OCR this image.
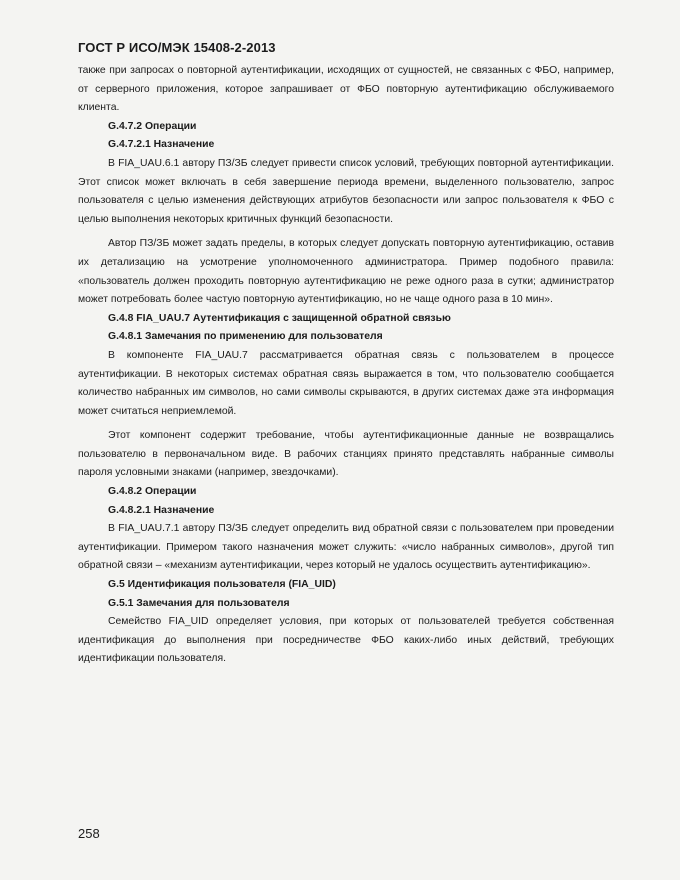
ГОСТ Р ИСО/МЭК 15408-2-2013

также при запросах о повторной аутентификации, исходящих от сущностей, не связанных с ФБО, например, от серверного приложения, которое запрашивает от ФБО повторную аутентификацию обслуживаемого клиента.

G.4.7.2 Операции

G.4.7.2.1 Назначение

В FIA_UAU.6.1 автору ПЗ/ЗБ следует привести список условий, требующих повторной аутентификации. Этот список может включать в себя завершение периода времени, выделенного пользователю, запрос пользователя с целью изменения действующих атрибутов безопасности или запрос пользователя к ФБО с целью выполнения некоторых критичных функций безопасности.

Автор ПЗ/ЗБ может задать пределы, в которых следует допускать повторную аутентификацию, оставив их детализацию на усмотрение уполномоченного администратора. Пример подобного правила: «пользователь должен проходить повторную аутентификацию не реже одного раза в сутки; администратор может потребовать более частую повторную аутентификацию, но не чаще одного раза в 10 мин».

G.4.8 FIA_UAU.7 Аутентификация с защищенной обратной связью

G.4.8.1 Замечания по применению для пользователя

В компоненте FIA_UAU.7 рассматривается обратная связь с пользователем в процессе аутентификации. В некоторых системах обратная связь выражается в том, что пользователю сообщается количество набранных им символов, но сами символы скрываются, в других системах даже эта информация может считаться неприемлемой.

Этот компонент содержит требование, чтобы аутентификационные данные не возвращались пользователю в первоначальном виде. В рабочих станциях принято представлять набранные символы пароля условными знаками (например, звездочками).

G.4.8.2 Операции

G.4.8.2.1 Назначение

В FIA_UAU.7.1 автору ПЗ/ЗБ следует определить вид обратной связи с пользователем при проведении аутентификации. Примером такого назначения может служить: «число набранных символов», другой тип обратной связи – «механизм аутентификации, через который не удалось осуществить аутентификацию».

G.5 Идентификация пользователя (FIA_UID)

G.5.1 Замечания для пользователя

Семейство FIA_UID определяет условия, при которых от пользователей требуется собственная идентификация до выполнения при посредничестве ФБО каких-либо иных действий, требующих идентификации пользователя.

258
